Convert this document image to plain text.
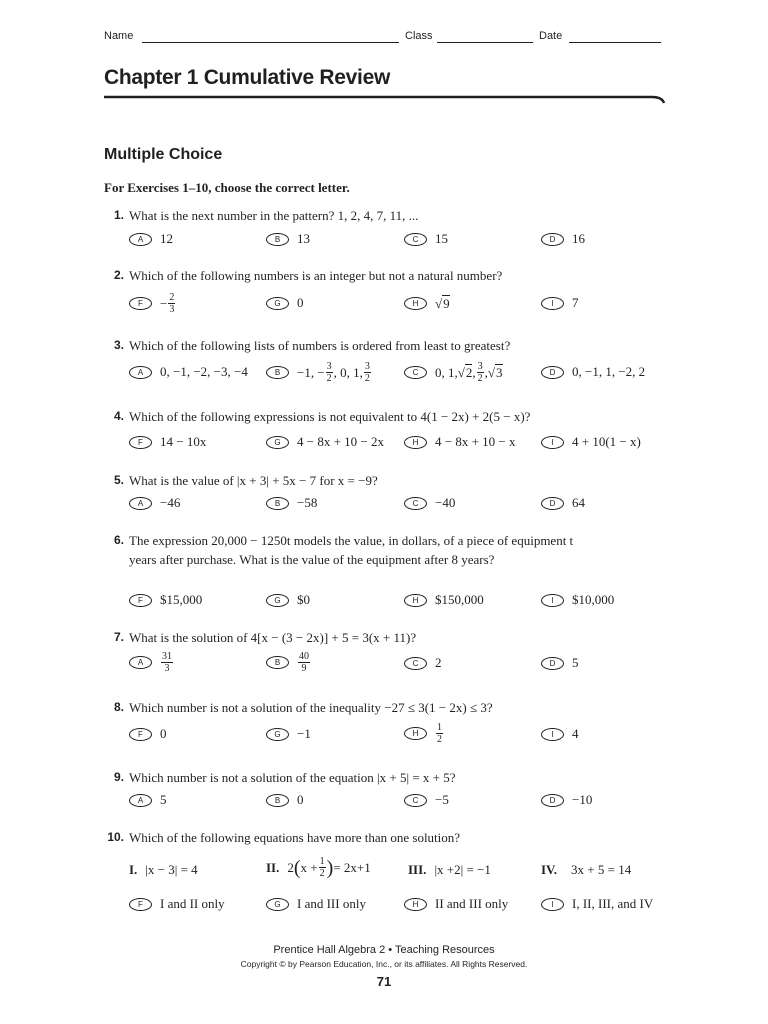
Name	Class	Date
Chapter 1 Cumulative Review
Multiple Choice
For Exercises 1–10, choose the correct letter.
1. What is the next number in the pattern? 1, 2, 4, 7, 11, ...
A	12	B	13	C	15	D	16
2. Which of the following numbers is an integer but not a natural number?
F	− $\frac{2}{3}$	G	0	H	√ 9	I	7
3. Which of the following lists of numbers is ordered from least to greatest?
A	0, −1, −2, −3, −4	B	−1, − $\frac{3}{2}$ , 0, 1, $\frac{3}{2}$	C	0, 1, √ 2 , $\frac{3}{2}$ , √ 3	D	0, −1, 1, −2, 2
4. Which of the following expressions is not equivalent to 4(1 − 2x) + 2(5 − x)?
F	14 − 10x	G	4 − 8x + 10 − 2x	H	4 − 8x + 10 − x	I	4 + 10(1 − x)
5. What is the value of |x + 3| + 5x − 7 for x = −9?
A	−46	B	−58	C	−40	D	64
6. The expression 20,000 − 1250t models the value, in dollars, of a piece of equipment t years after purchase. What is the value of the equipment after 8 years?
F	$15,000	G	$0	H	$150,000	I	$10,000
7. What is the solution of 4[x − (3 − 2x)] + 5 = 3(x + 11)?
A	$\frac{31}{3}$	B	$\frac{40}{9}$	C	2	D	5
8. Which number is not a solution of the inequality −27 ≤ 3(1 − 2x) ≤ 3?
F	0	G	−1	H	$\frac{1}{2}$	I	4
9. Which number is not a solution of the equation |x + 5| = x + 5?
A	5	B	0	C	−5	D	−10
10. Which of the following equations have more than one solution?
I. |x − 3| = 4	II. 2 ( $x + \frac{1}{2}$ ) = 2x+1	III. |x +2| = −1	IV. 3x + 5 = 14
F	I and II only	G	I and III only	H	II and III only	I	I, II, III, and IV
Prentice Hall Algebra 2 • Teaching Resources
Copyright © by Pearson Education, Inc., or its affiliates. All Rights Reserved.
71
